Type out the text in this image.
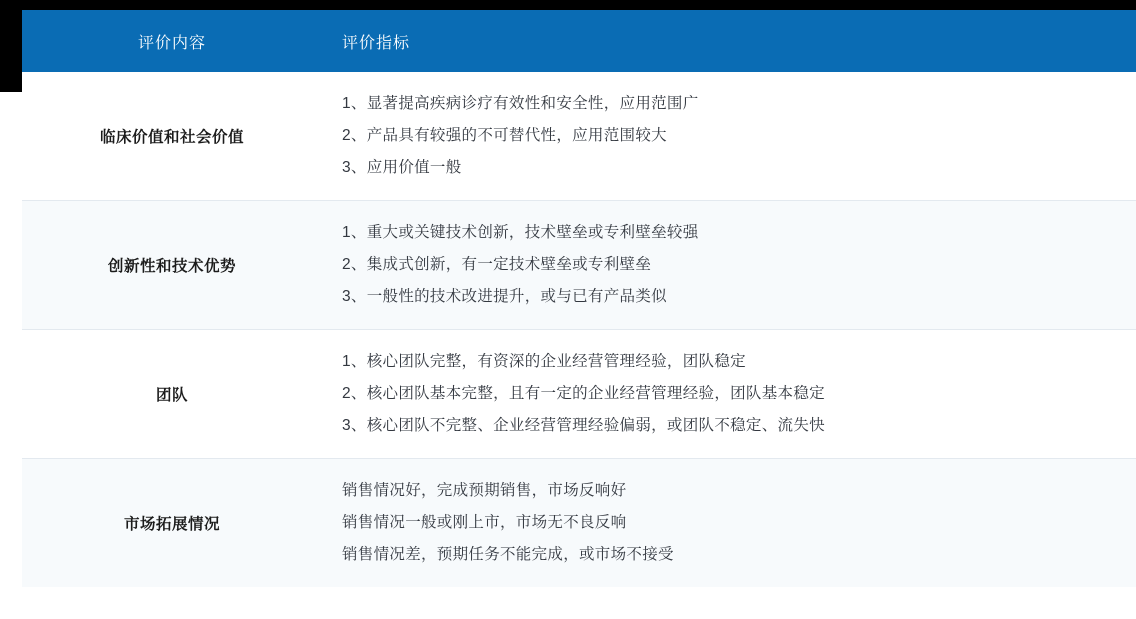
评价内容	评价指标
临床价值和社会价值	1、显著提高疾病诊疗有效性和安全性，应用范围广
2、产品具有较强的不可替代性，应用范围较大
3、应用价值一般

创新性和技术优势	1、重大或关键技术创新，技术壁垒或专利壁垒较强
2、集成式创新，有一定技术壁垒或专利壁垒
3、一般性的技术改进提升，或与已有产品类似

团队	1、核心团队完整，有资深的企业经营管理经验，团队稳定
2、核心团队基本完整，且有一定的企业经营管理经验，团队基本稳定
3、核心团队不完整、企业经营管理经验偏弱，或团队不稳定、流失快

市场拓展情况	销售情况好，完成预期销售，市场反响好
销售情况一般或刚上市，市场无不良反响
销售情况差，预期任务不能完成，或市场不接受
